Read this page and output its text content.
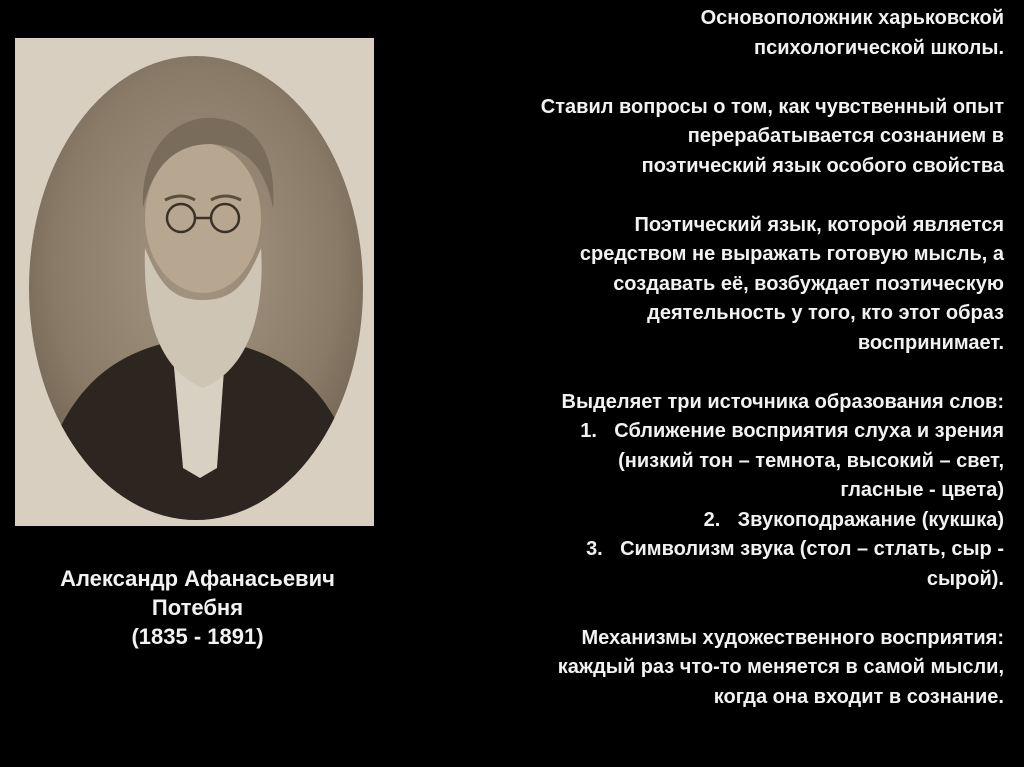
Александр Афанасьевич
Потебня
(1835 - 1891)
Основоположник харьковской
психологической школы.
Ставил вопросы о том, как чувственный опыт
перерабатывается сознанием в
поэтический язык особого свойства
Поэтический язык, которой является
средством не выражать готовую мысль, а
создавать её, возбуждает поэтическую
деятельность у того, кто этот образ
воспринимает.
Выделяет три источника образования слов:
1. Сближение восприятия слуха и зрения
(низкий тон – темнота, высокий – свет,
гласные - цвета)
2. Звукоподражание (кукшка)
3. Символизм звука (стол – стлать, сыр -
сырой).
Механизмы художественного восприятия:
каждый раз что-то меняется в самой мысли,
когда она входит в сознание.
